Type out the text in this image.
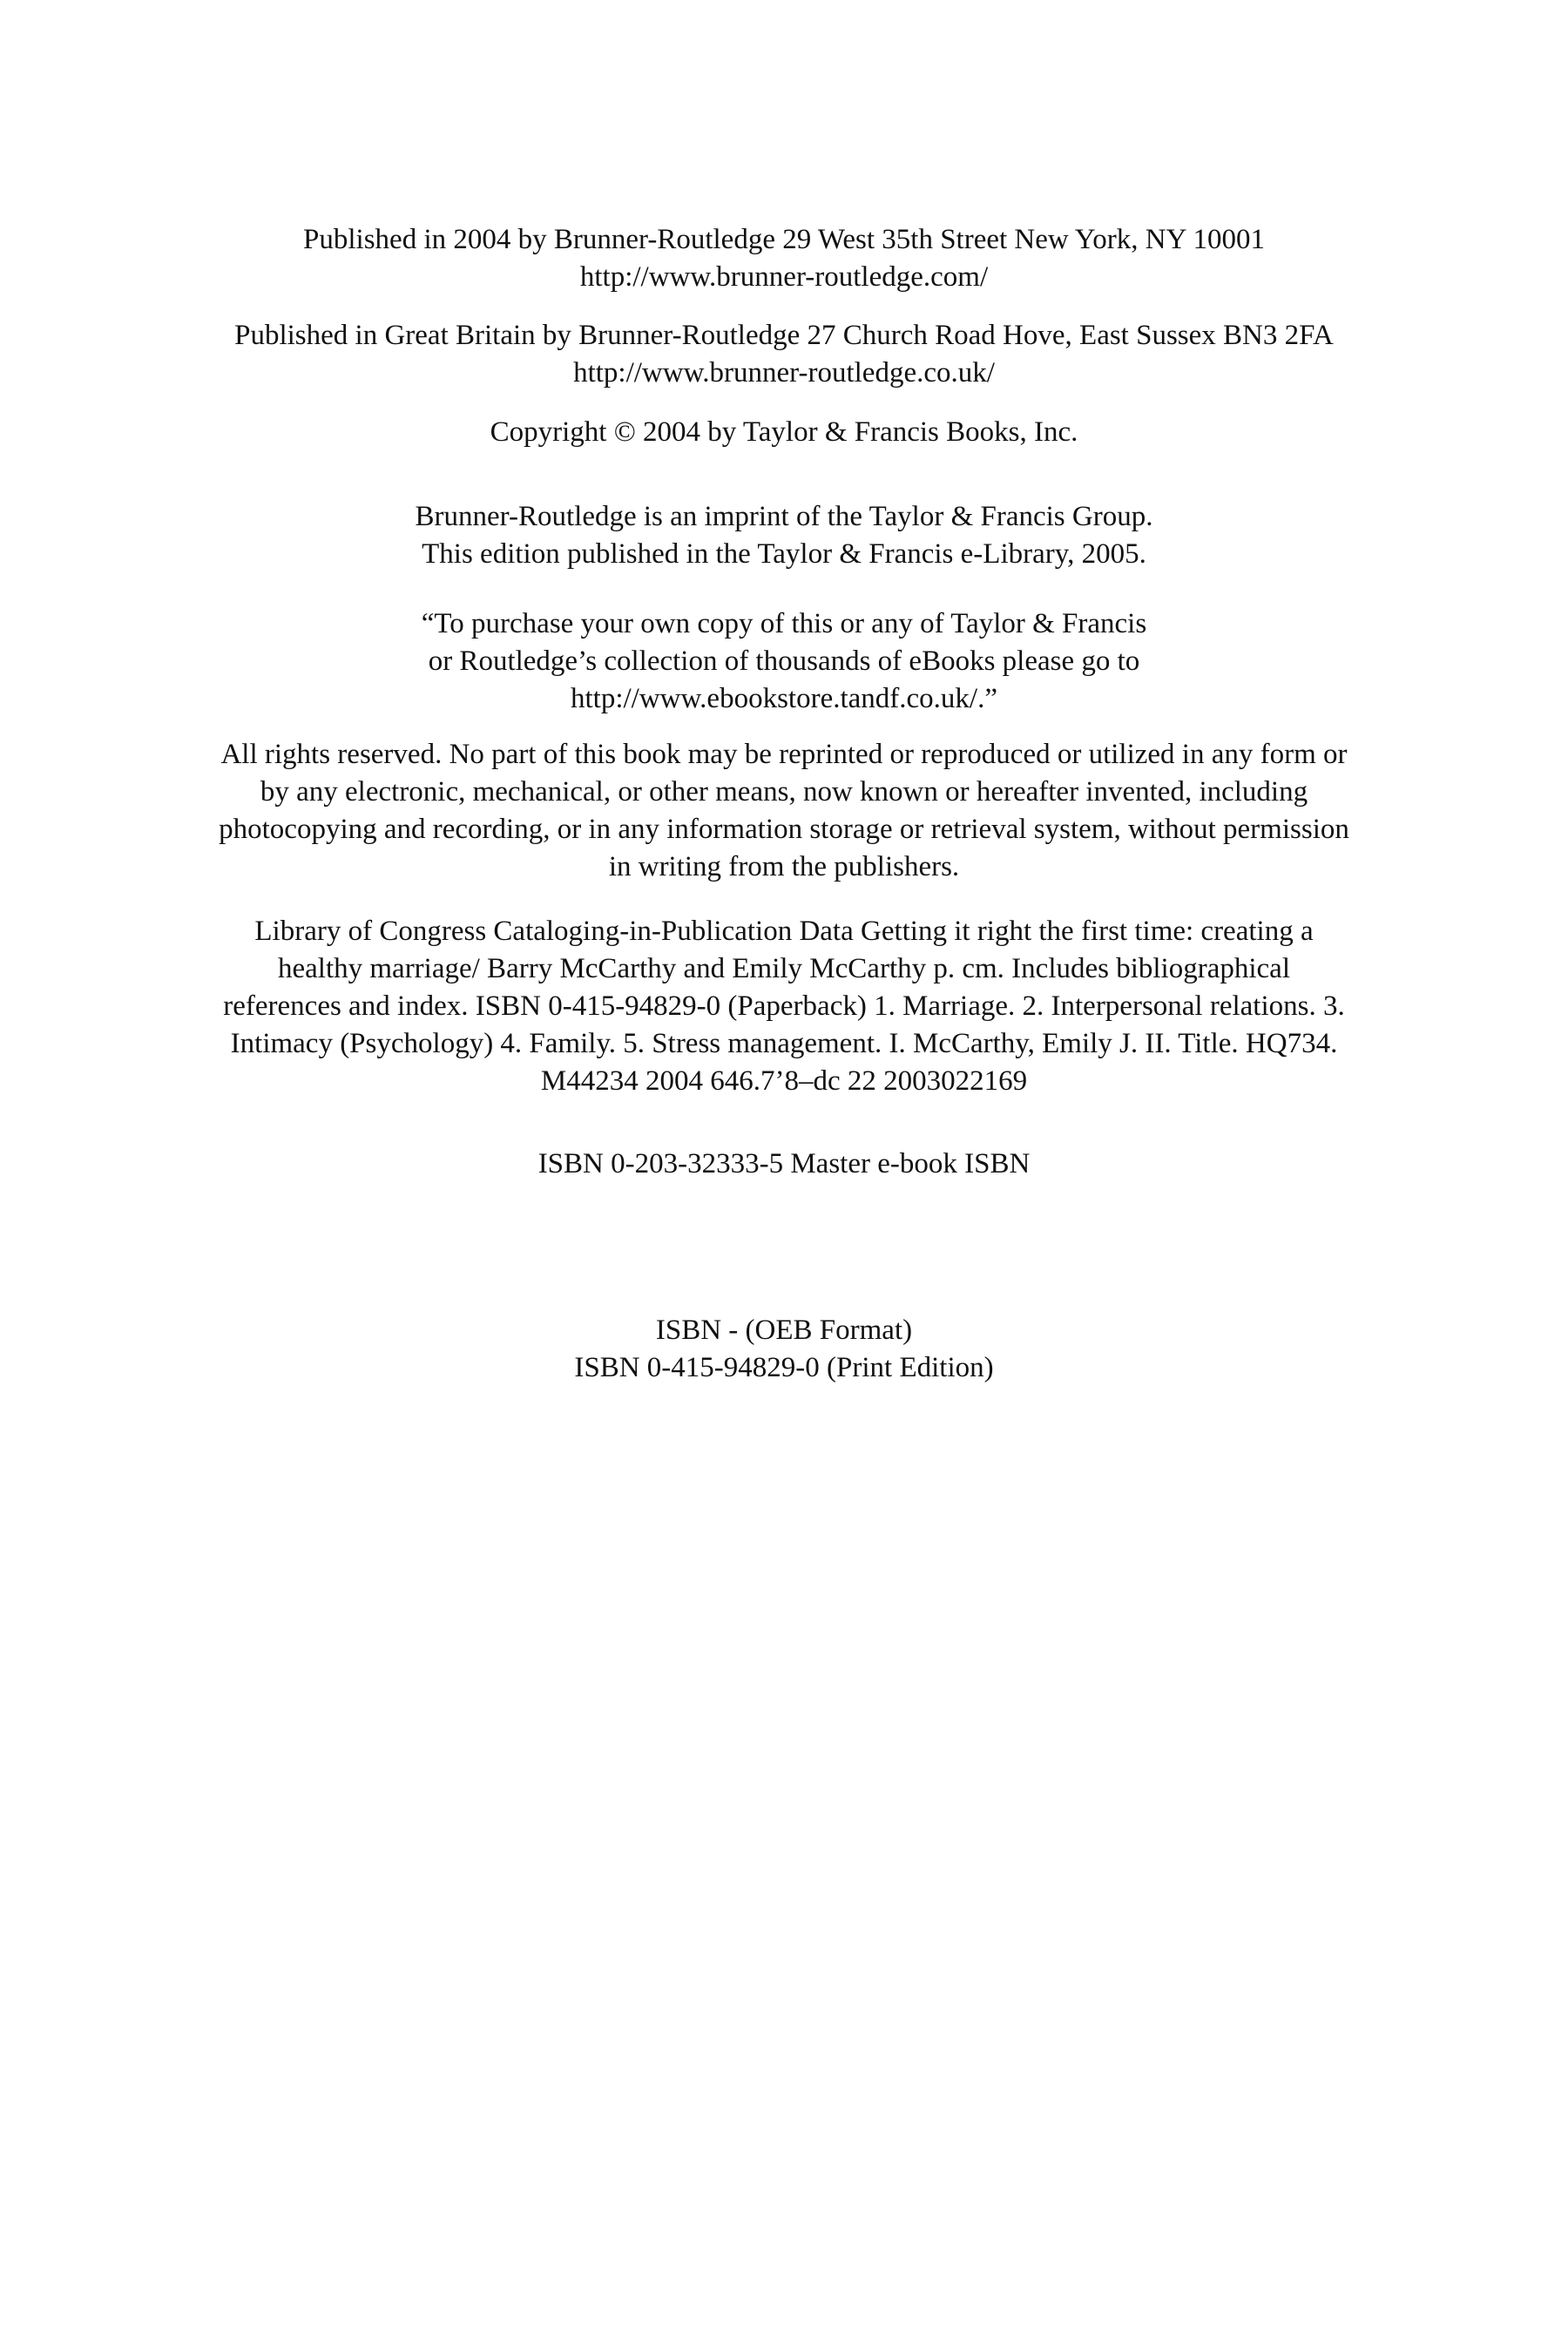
Published in 2004 by Brunner-Routledge 29 West 35th Street New York, NY 10001
http://www.brunner-routledge.com/
Published in Great Britain by Brunner-Routledge 27 Church Road Hove, East Sussex BN3 2FA
http://www.brunner-routledge.co.uk/
Copyright © 2004 by Taylor & Francis Books, Inc.
Brunner-Routledge is an imprint of the Taylor & Francis Group.
This edition published in the Taylor & Francis e-Library, 2005.
“To purchase your own copy of this or any of Taylor & Francis
or Routledge’s collection of thousands of eBooks please go to
http://www.ebookstore.tandf.co.uk/.”
All rights reserved. No part of this book may be reprinted or reproduced or utilized in any form or
by any electronic, mechanical, or other means, now known or hereafter invented, including
photocopying and recording, or in any information storage or retrieval system, without permission
in writing from the publishers.
Library of Congress Cataloging-in-Publication Data Getting it right the first time: creating a
healthy marriage/ Barry McCarthy and Emily McCarthy p. cm. Includes bibliographical
references and index. ISBN 0-415-94829-0 (Paperback) 1. Marriage. 2. Interpersonal relations. 3.
Intimacy (Psychology) 4. Family. 5. Stress management. I. McCarthy, Emily J. II. Title. HQ734.
M44234 2004 646.7’8–dc 22 2003022169
ISBN 0-203-32333-5 Master e-book ISBN
ISBN - (OEB Format)
ISBN 0-415-94829-0 (Print Edition)
